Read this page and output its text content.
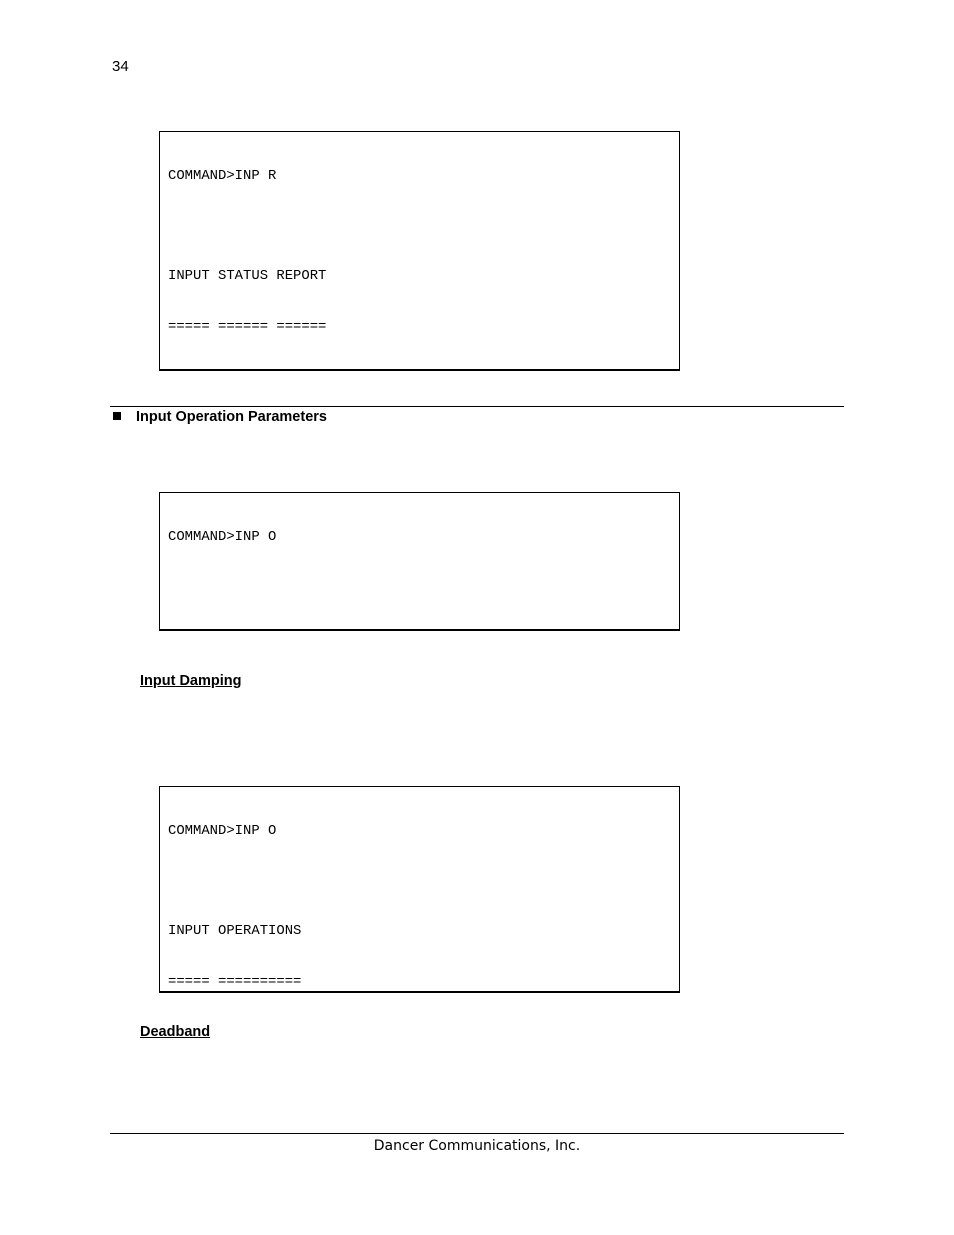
34

COMMAND>INP R

INPUT STATUS REPORT

===== ====== ======

Input Operation Parameters

COMMAND>INP O

Input Damping

COMMAND>INP O

INPUT OPERATIONS

===== ==========

Deadband
Dancer Communications, Inc.
